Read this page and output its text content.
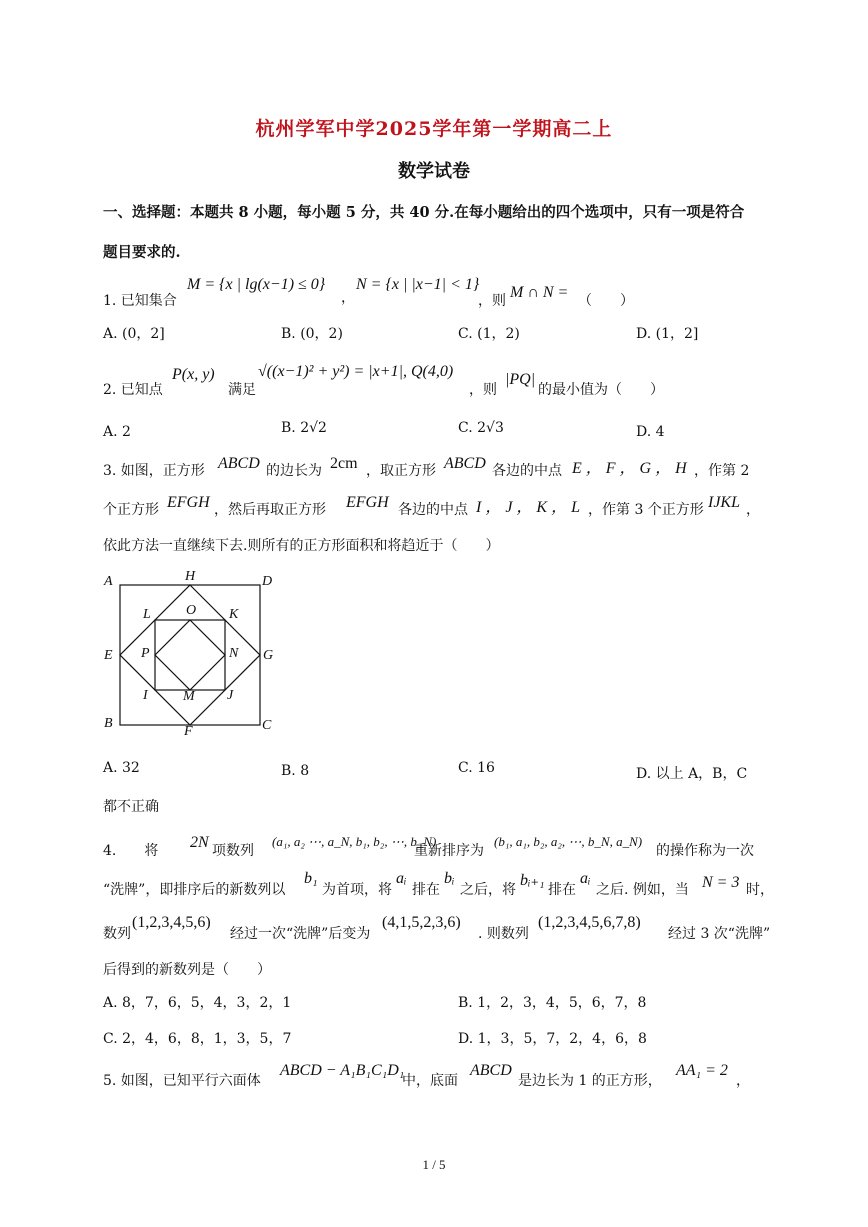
杭州学军中学2025学年第一学期高二上
数学试卷
一、选择题：本题共 8 小题，每小题 5 分，共 40 分.在每小题给出的四个选项中，只有一项是符合
题目要求的.
1. 已知集合
M = {x | lg(x−1) ≤ 0}
，
N = {x | |x−1| < 1}
，则 M ∩ N = （　　）
A. (0，2]	B. (0，2)	C. (1，2)	D. (1，2]
2. 已知点
P(x, y)
满足
√((x−1)² + y²) = |x+1|, Q(4,0)
，则
|PQ|
的最小值为（　　）
A. 2	B. 2√2	C. 2√3	D. 4
3. 如图，正方形 ABCD 的边长为 2cm ，取正方形 ABCD 各边的中点 E ， F ， G ， H ，作第 2
个正方形 EFGH ，然后再取正方形 EFGH 各边的中点 I ， J ， K ， L ，作第 3 个正方形 IJKL ，
依此方法一直继续下去.则所有的正方形面积和将趋近于（　　）
A	H	D
L	O K
E P	N G
I	M J
B
F	C
A. 32	B. 8	C. 16	D. 以上 A，B，C
都不正确
4.　　将 2N 项数列
(a₁, a₂ ⋯, a_N, b₁, b₂, ⋯, b_N)
重新排序为
(b₁, a₁, b₂, a₂, ⋯, b_N, a_N)
的操作称为一次
“洗牌”，即排序后的新数列以
b₁
为首项，将
aᵢ
排在
bᵢ
之后，将
bᵢ₊₁
排在
aᵢ
之后. 例如，当 N = 3 时，
数列
(1,2,3,4,5,6)
经过一次“洗牌”后变为
(4,1,5,2,3,6)
. 则数列
(1,2,3,4,5,6,7,8)
经过 3 次“洗牌”
后得到的新数列是（　　）
A. 8，7，6，5，4，3，2，1	B. 1，2，3，4，5，6，7，8
C. 2，4，6，8，1，3，5，7	D. 1，3，5，7，2，4，6，8
5. 如图，已知平行六面体
ABCD − A₁B₁C₁D₁
中，底面
ABCD
是边长为 1 的正方形，
AA₁ = 2
，
1 / 5
